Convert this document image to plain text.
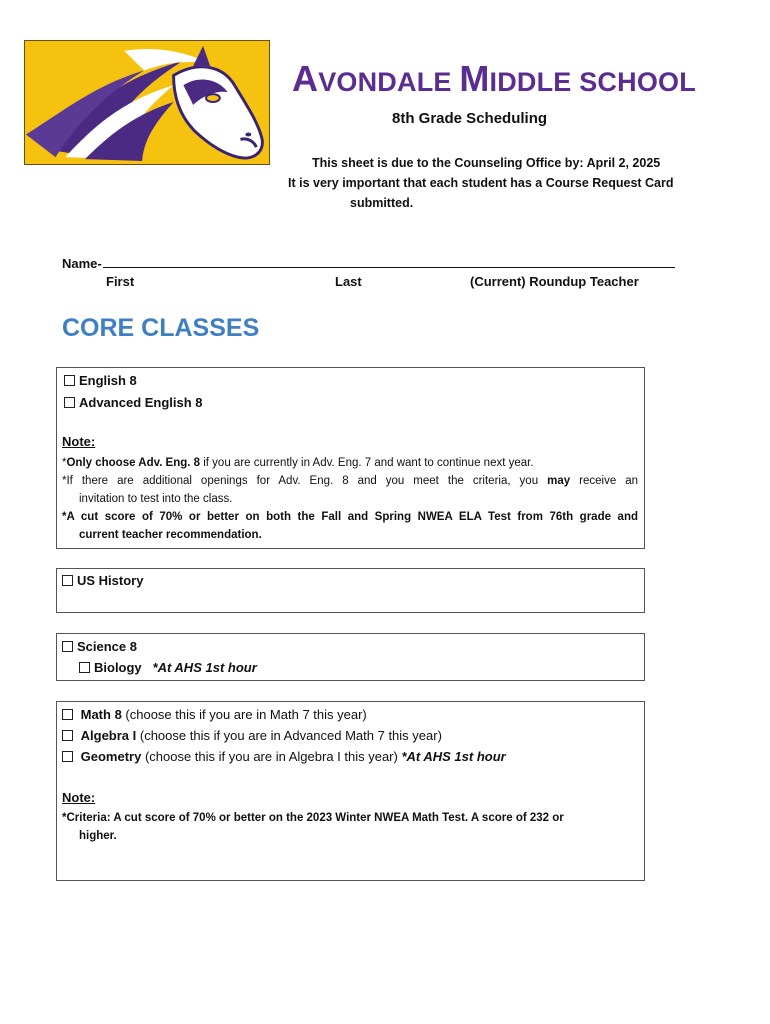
AVONDALE MIDDLE SCHOOL
8th Grade Scheduling
This sheet is due to the Counseling Office by: April 2, 2025
It is very important that each student has a Course Request Card
submitted.
Name-
First	Last	(Current) Roundup Teacher
CORE CLASSES
English 8
Advanced English 8
Note:
*Only choose Adv. Eng. 8 if you are currently in Adv. Eng. 7 and want to continue next year.
*If there are additional openings for Adv. Eng. 8 and you meet the criteria, you may receive an
invitation to test into the class.
*A cut score of 70% or better on both the Fall and Spring NWEA ELA Test from 76th grade and
current teacher recommendation.
US History
Science 8
Biology *At AHS 1st hour
Math 8 (choose this if you are in Math 7 this year)
Algebra I (choose this if you are in Advanced Math 7 this year)
Geometry (choose this if you are in Algebra I this year) *At AHS 1st hour
Note:
*Criteria: A cut score of 70% or better on the 2023 Winter NWEA Math Test. A score of 232 or
higher.
